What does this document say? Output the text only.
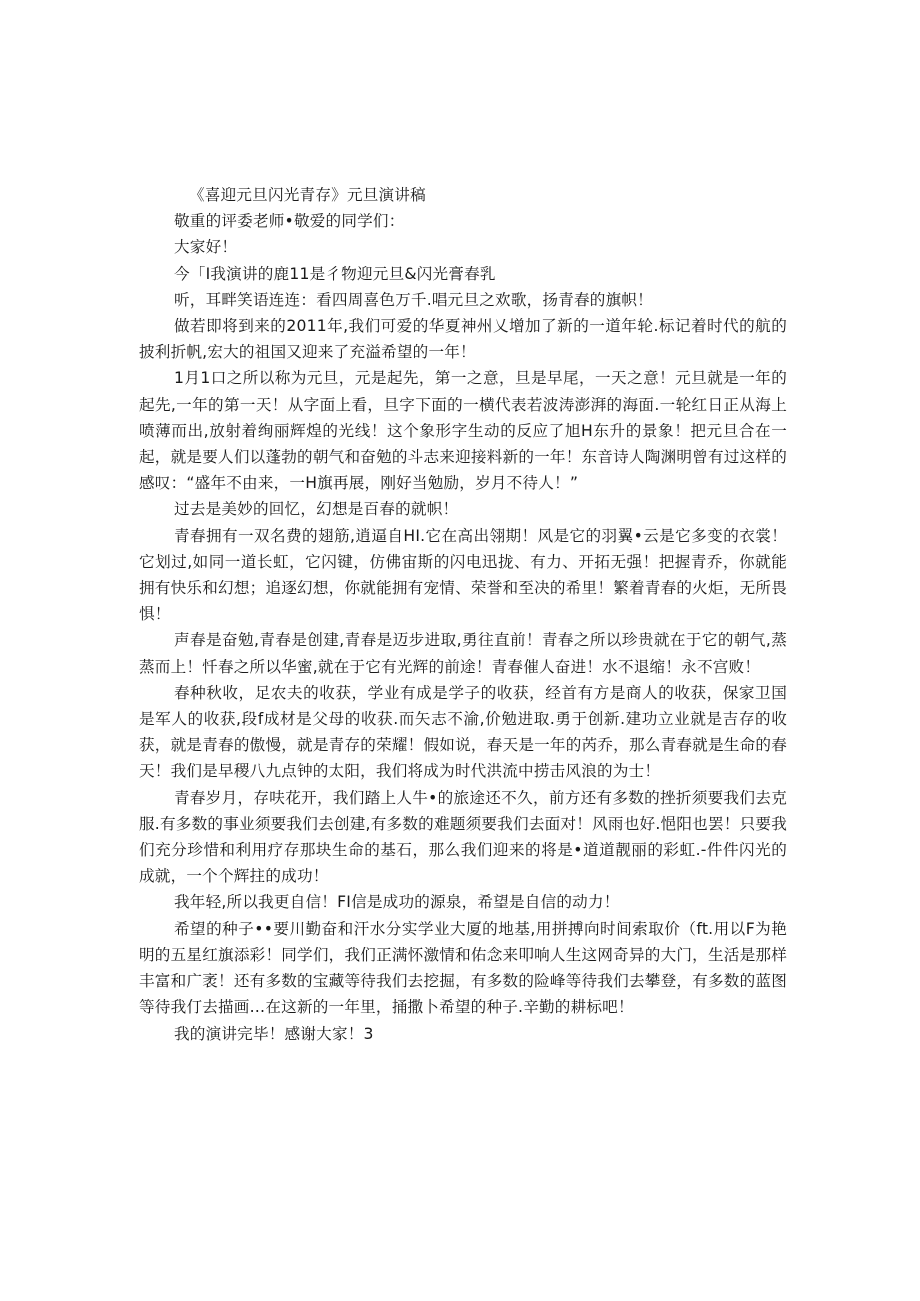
《喜迎元旦闪光青存》元旦演讲稿

敬重的评委老师•敬爱的同学们：

大家好！

今「I我演讲的鹿11是彳物迎元旦&闪光膏春乳

听，耳畔笑语连连：看四周喜色万千.唱元旦之欢歌，扬青春的旗帜！

做若即将到来的2011年,我们可爱的华夏神州乂增加了新的一道年轮.标记着时代的航的披利折帆,宏大的祖国又迎来了充溢希望的一年！

1月1口之所以称为元旦，元是起先，第一之意，旦是早尾，一天之意！元旦就是一年的起先,一年的第一天！从字面上看，旦字下面的一横代表若波涛澎湃的海面.一轮红日正从海上喷薄而出,放射着绚丽辉煌的光线！这个象形字生动的反应了旭H东升的景象！把元旦合在一起，就是要人们以蓬勃的朝气和奋勉的斗志来迎接料新的一年！东音诗人陶渊明曾有过这样的感叹：“盛年不由来，一H旗再展，刚好当勉励，岁月不待人！”

过去是美妙的回忆，幻想是百春的就帜！

青春拥有一双名费的翅筋,逍逼自HI.它在高出翎期！风是它的羽翼•云是它多变的衣裳！它划过,如同一道长虹，它闪键，仿佛宙斯的闪电迅拢、有力、开拓无强！把握青乔，你就能拥有快乐和幻想；追逐幻想，你就能拥有宠情、荣誉和至决的希里！繁着青春的火炬，无所畏惧！

声春是奋勉,青春是创建,青春是迈步进取,勇往直前！青春之所以珍贵就在于它的朝气,蒸蒸而上！忏春之所以华蜜,就在于它有光辉的前途！青春催人奋进！水不退缩！永不宫败！

春种秋收，足农夫的收获，学业有成是学子的收获，经首有方是商人的收获，保家卫国是军人的收获,段f成材是父母的收获.而矢志不渝,价勉进取.勇于创新.建功立业就是吉存的收获，就是青春的傲慢，就是青存的荣耀！假如说，春天是一年的芮乔，那么青春就是生命的春天！我们是早稷八九点钟的太阳，我们将成为时代洪流中捞击风浪的为士！

青春岁月，存呋花开，我们踏上人牛•的旅途还不久，前方还有多数的挫折须要我们去克服.有多数的事业须要我们去创建,有多数的难题须要我们去面对！风雨也好.悒阳也罢！只要我们充分珍惜和利用疗存那块生命的基石，那么我们迎来的将是•道道靓丽的彩虹.-件件闪光的成就，一个个辉拄的成功！

我年轻,所以我更自信！FI信是成功的源泉，希望是自信的动力！

希望的种子••要川勤奋和汗水分实学业大厦的地基,用拼搏向时间索取价（ft.用以F为艳明的五星红旗添彩！同学们，我们正满怀激情和佑念来叩响人生这网奇异的大门，生活是那样丰富和广袤！还有多数的宝藏等待我们去挖掘，有多数的险峰等待我们去攀登，有多数的蓝图等待我仃去描画…在这新的一年里，捅撒卜希望的种子.辛勤的耕标吧！

我的演讲完毕！感谢大家！3
